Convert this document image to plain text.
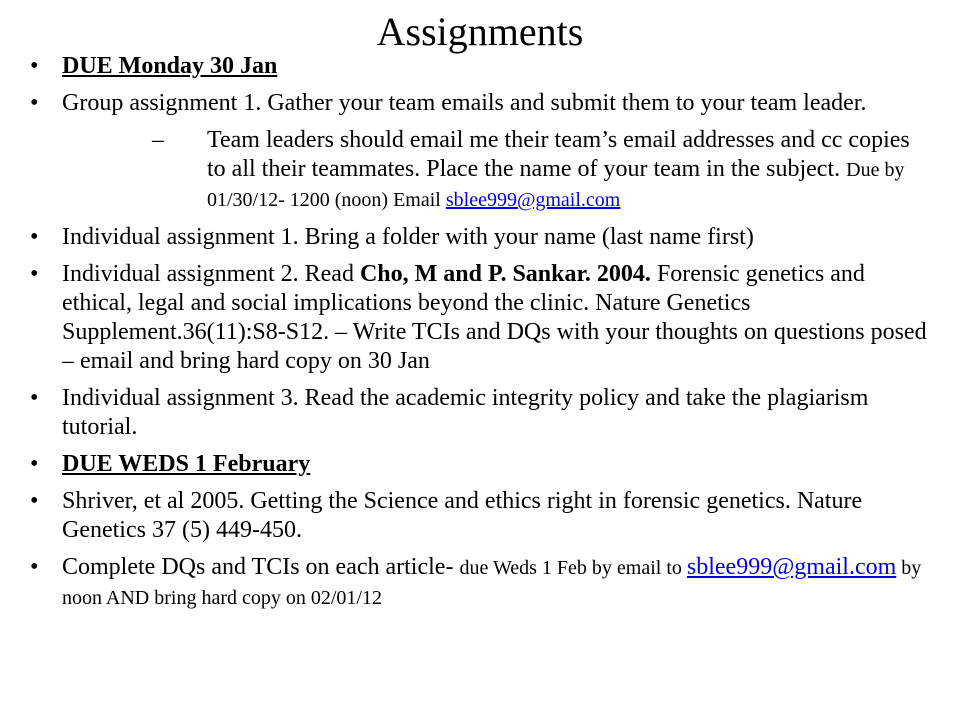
Assignments
• DUE Monday 30 Jan
• Group assignment 1. Gather your team emails and submit them to your team leader.
– Team leaders should email me their team’s email addresses and cc copies to all their teammates. Place the name of your team in the subject. Due by 01/30/12- 1200 (noon) Email sblee999@gmail.com
• Individual assignment 1. Bring a folder with your name (last name first)
• Individual assignment 2. Read Cho, M and P. Sankar. 2004. Forensic genetics and ethical, legal and social implications beyond the clinic. Nature Genetics Supplement.36(11):S8-S12. – Write TCIs and DQs with your thoughts on questions posed – email and bring hard copy on 30 Jan
• Individual assignment 3. Read the academic integrity policy and take the plagiarism tutorial.
• DUE WEDS 1 February
• Shriver, et al 2005. Getting the Science and ethics right in forensic genetics. Nature Genetics 37 (5) 449-450.
• Complete DQs and TCIs on each article- due Weds 1 Feb by email to sblee999@gmail.com by noon AND bring hard copy on 02/01/12
